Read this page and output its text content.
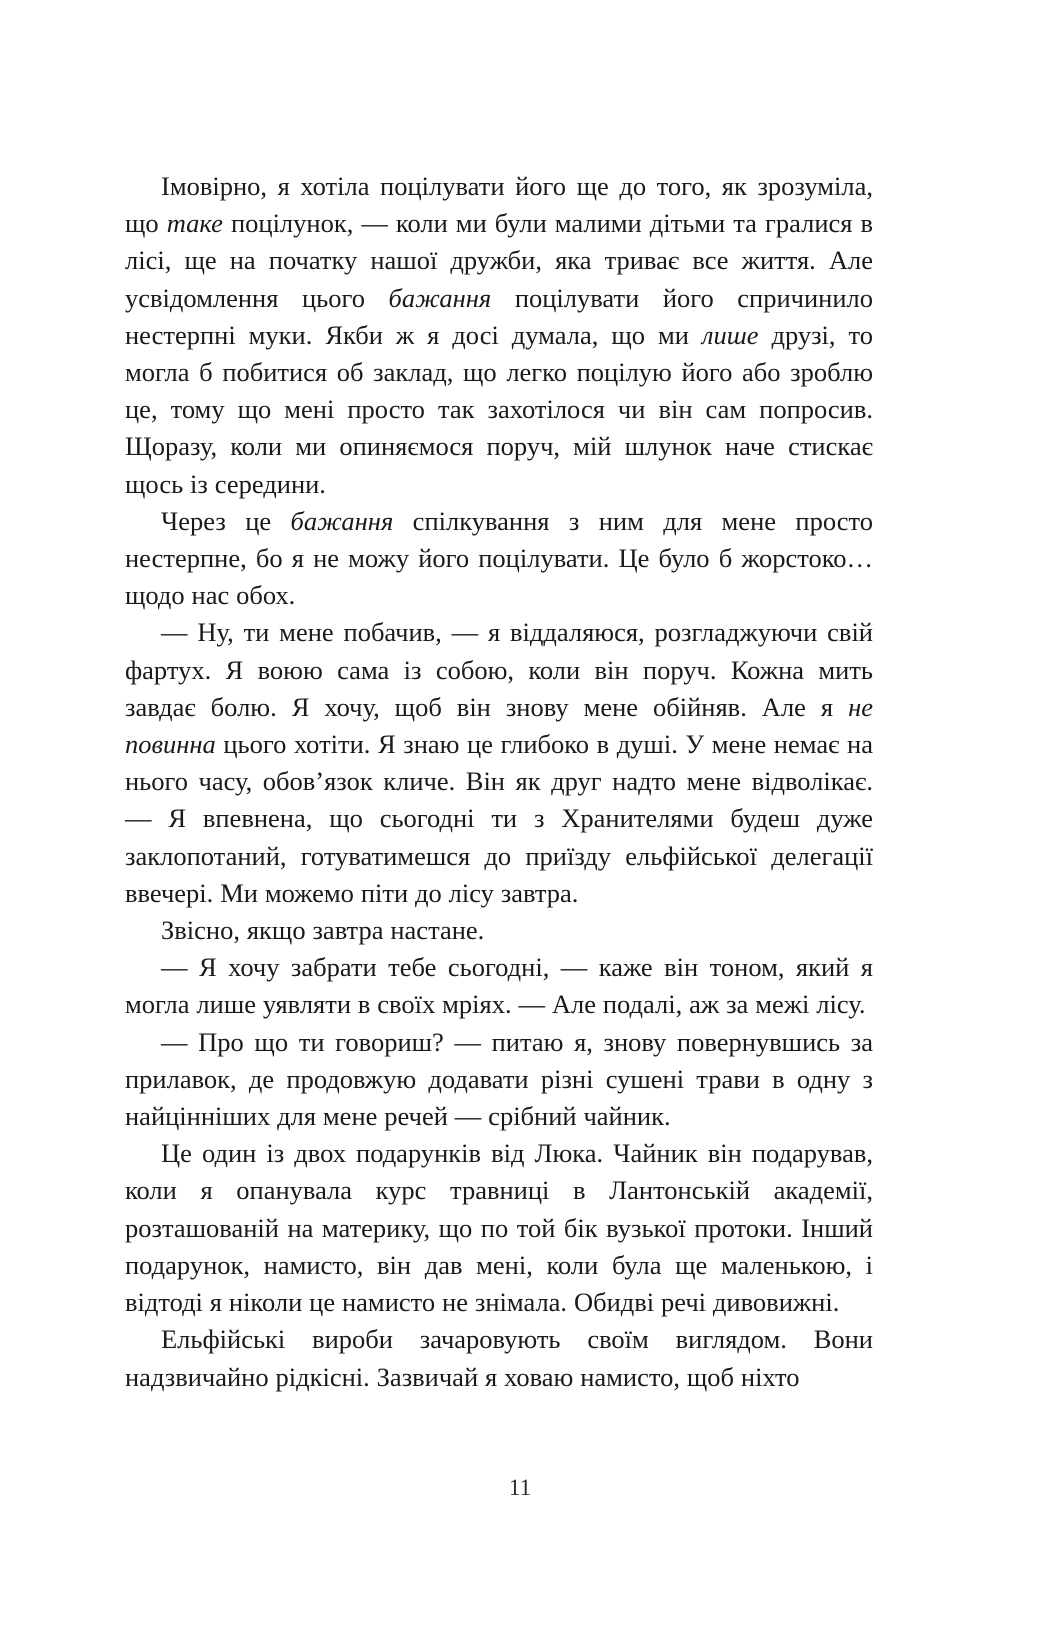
Імовірно, я хотіла поцілувати його ще до того, як зрозуміла, що таке поцілунок, — коли ми були малими дітьми та гралися в лісі, ще на початку нашої дружби, яка триває все життя. Але усвідомлення цього бажання поцілувати його спричинило нестерпні муки. Якби ж я досі думала, що ми лише друзі, то могла б побитися об заклад, що легко поцілую його або зроблю це, тому що мені просто так захотілося чи він сам попросив. Щоразу, коли ми опиняємося поруч, мій шлунок наче стискає щось із середини.

Через це бажання спілкування з ним для мене просто нестерпне, бо я не можу його поцілувати. Це було б жорстоко… щодо нас обох.

— Ну, ти мене побачив, — я віддаляюся, розгладжуючи свій фартух. Я воюю сама із собою, коли він поруч. Кожна мить завдає болю. Я хочу, щоб він знову мене обійняв. Але я не повинна цього хотіти. Я знаю це глибоко в душі. У мене немає на нього часу, обов’язок кличе. Він як друг надто мене відволікає. — Я впевнена, що сьогодні ти з Хранителями будеш дуже заклопотаний, готуватимешся до приїзду ельфійської делегації ввечері. Ми можемо піти до лісу завтра.

Звісно, якщо завтра настане.

— Я хочу забрати тебе сьогодні, — каже він тоном, який я могла лише уявляти в своїх мріях. — Але подалі, аж за межі лісу.

— Про що ти говориш? — питаю я, знову повернувшись за прилавок, де продовжую додавати різні сушені трави в одну з найцінніших для мене речей — срібний чайник.

Це один із двох подарунків від Люка. Чайник він подарував, коли я опанувала курс травниці в Лантонській академії, розташованій на материку, що по той бік вузької протоки. Інший подарунок, намисто, він дав мені, коли була ще маленькою, і відтоді я ніколи це намисто не знімала. Обидві речі дивовижні.

Ельфійські вироби зачаровують своїм виглядом. Вони надзвичайно рідкісні. Зазвичай я ховаю намисто, щоб ніхто

11
